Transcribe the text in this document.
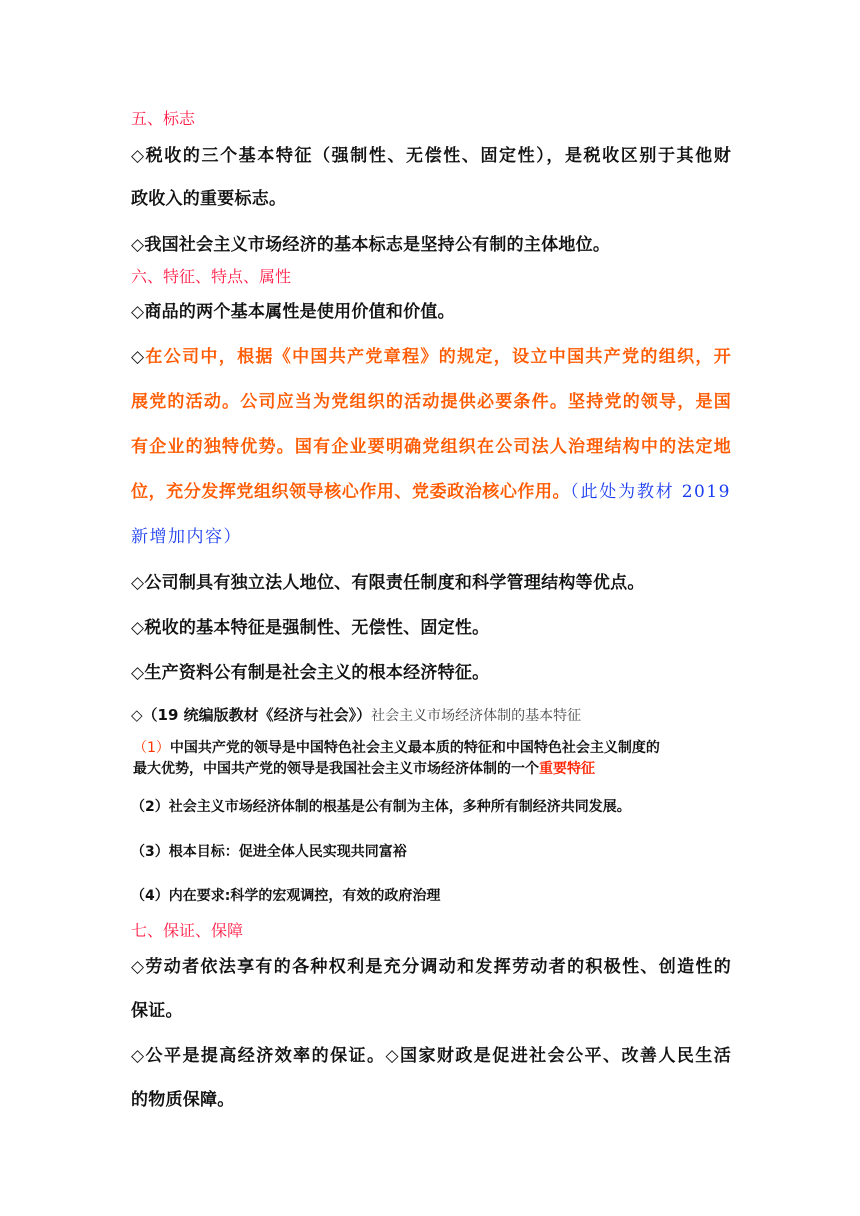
五、标志
◇税收的三个基本特征（强制性、无偿性、固定性），是税收区别于其他财
政收入的重要标志。
◇我国社会主义市场经济的基本标志是坚持公有制的主体地位。
六、特征、特点、属性
◇商品的两个基本属性是使用价值和价值。
◇在公司中，根据《中国共产党章程》的规定，设立中国共产党的组织，开
展党的活动。公司应当为党组织的活动提供必要条件。坚持党的领导，是国
有企业的独特优势。国有企业要明确党组织在公司法人治理结构中的法定地
位，充分发挥党组织领导核心作用、党委政治核心作用。（此处为教材 2019
新增加内容）
◇公司制具有独立法人地位、有限责任制度和科学管理结构等优点。
◇税收的基本特征是强制性、无偿性、固定性。
◇生产资料公有制是社会主义的根本经济特征。
◇（19 统编版教材《经济与社会》）社会主义市场经济体制的基本特征
（1）中国共产党的领导是中国特色社会主义最本质的特征和中国特色社会主义制度的
最大优势，中国共产党的领导是我国社会主义市场经济体制的一个重要特征
（2）社会主义市场经济体制的根基是公有制为主体，多种所有制经济共同发展。
（3）根本目标：促进全体人民实现共同富裕
（4）内在要求:科学的宏观调控，有效的政府治理
七、保证、保障
◇劳动者依法享有的各种权利是充分调动和发挥劳动者的积极性、创造性的
保证。
◇公平是提高经济效率的保证。◇国家财政是促进社会公平、改善人民生活
的物质保障。
